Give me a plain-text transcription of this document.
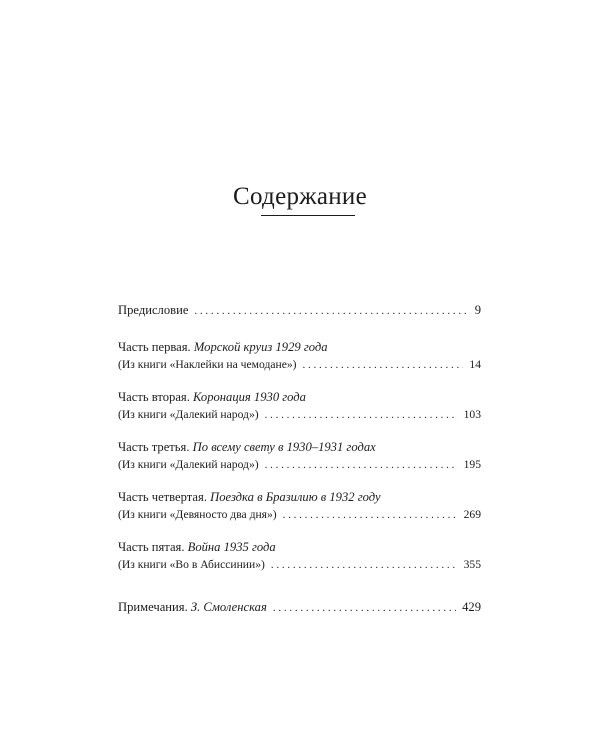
Содержание
Предисловие . . .	9
Часть первая. Морской круиз 1929 года
(Из книги «Наклейки на чемодане») . . .	14
Часть вторая. Коронация 1930 года
(Из книги «Далекий народ») . . .	103
Часть третья. По всему свету в 1930–1931 годах
(Из книги «Далекий народ») . . .	195
Часть четвертая. Поездка в Бразилию в 1932 году
(Из книги «Девяносто два дня») . . .	269
Часть пятая. Война 1935 года
(Из книги «Во в Абиссинии») . . .	355
Примечания. З. Смоленская . . .	429
